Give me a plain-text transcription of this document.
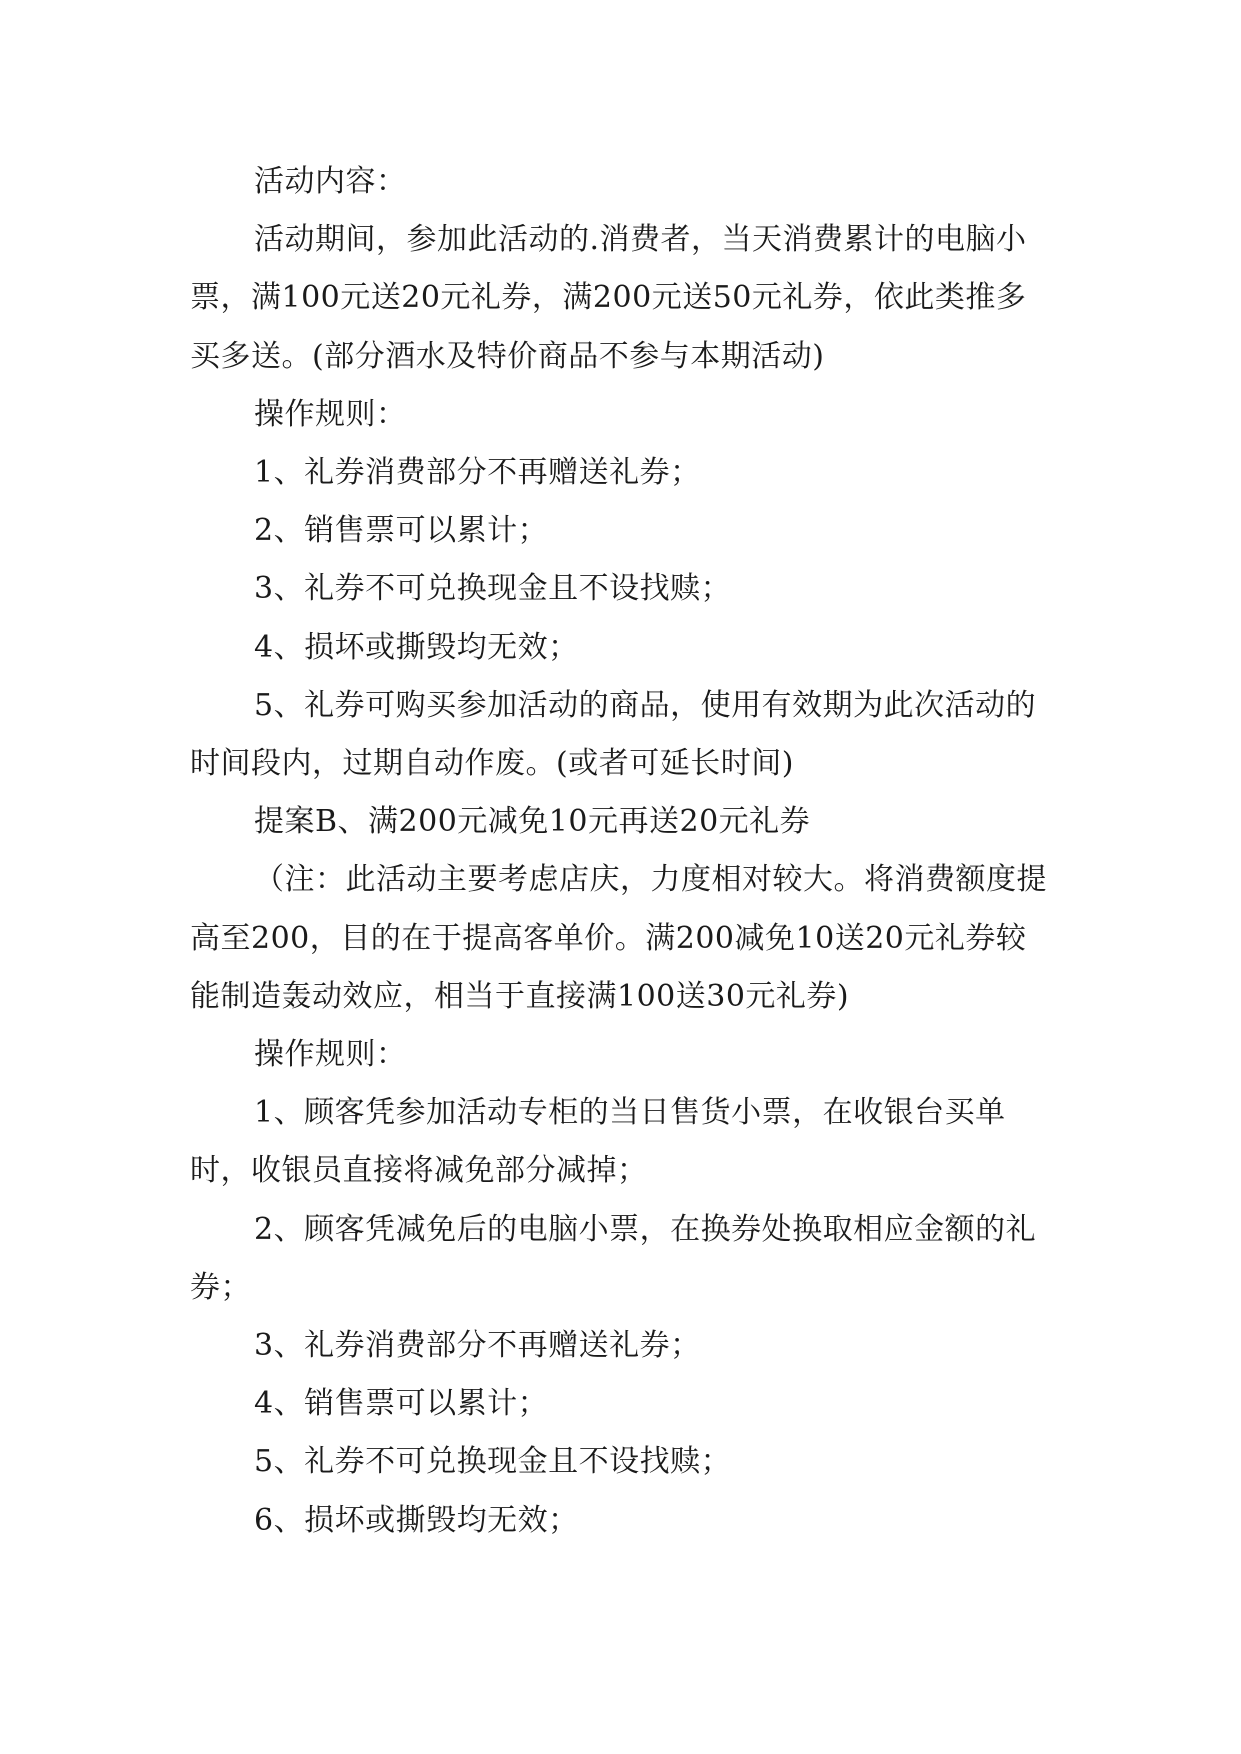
活动内容：

活动期间，参加此活动的.消费者，当天消费累计的电脑小票，满100元送20元礼券，满200元送50元礼券，依此类推多买多送。(部分酒水及特价商品不参与本期活动)

操作规则：

1、礼券消费部分不再赠送礼券；

2、销售票可以累计；

3、礼券不可兑换现金且不设找赎；

4、损坏或撕毁均无效；

5、礼券可购买参加活动的商品，使用有效期为此次活动的时间段内，过期自动作废。(或者可延长时间)

提案B、满200元减免10元再送20元礼券

（注：此活动主要考虑店庆，力度相对较大。将消费额度提高至200，目的在于提高客单价。满200减免10送20元礼券较能制造轰动效应，相当于直接满100送30元礼券)

操作规则：

1、顾客凭参加活动专柜的当日售货小票，在收银台买单时，收银员直接将减免部分减掉；

2、顾客凭减免后的电脑小票，在换券处换取相应金额的礼券；

3、礼券消费部分不再赠送礼券；

4、销售票可以累计；

5、礼券不可兑换现金且不设找赎；

6、损坏或撕毁均无效；
